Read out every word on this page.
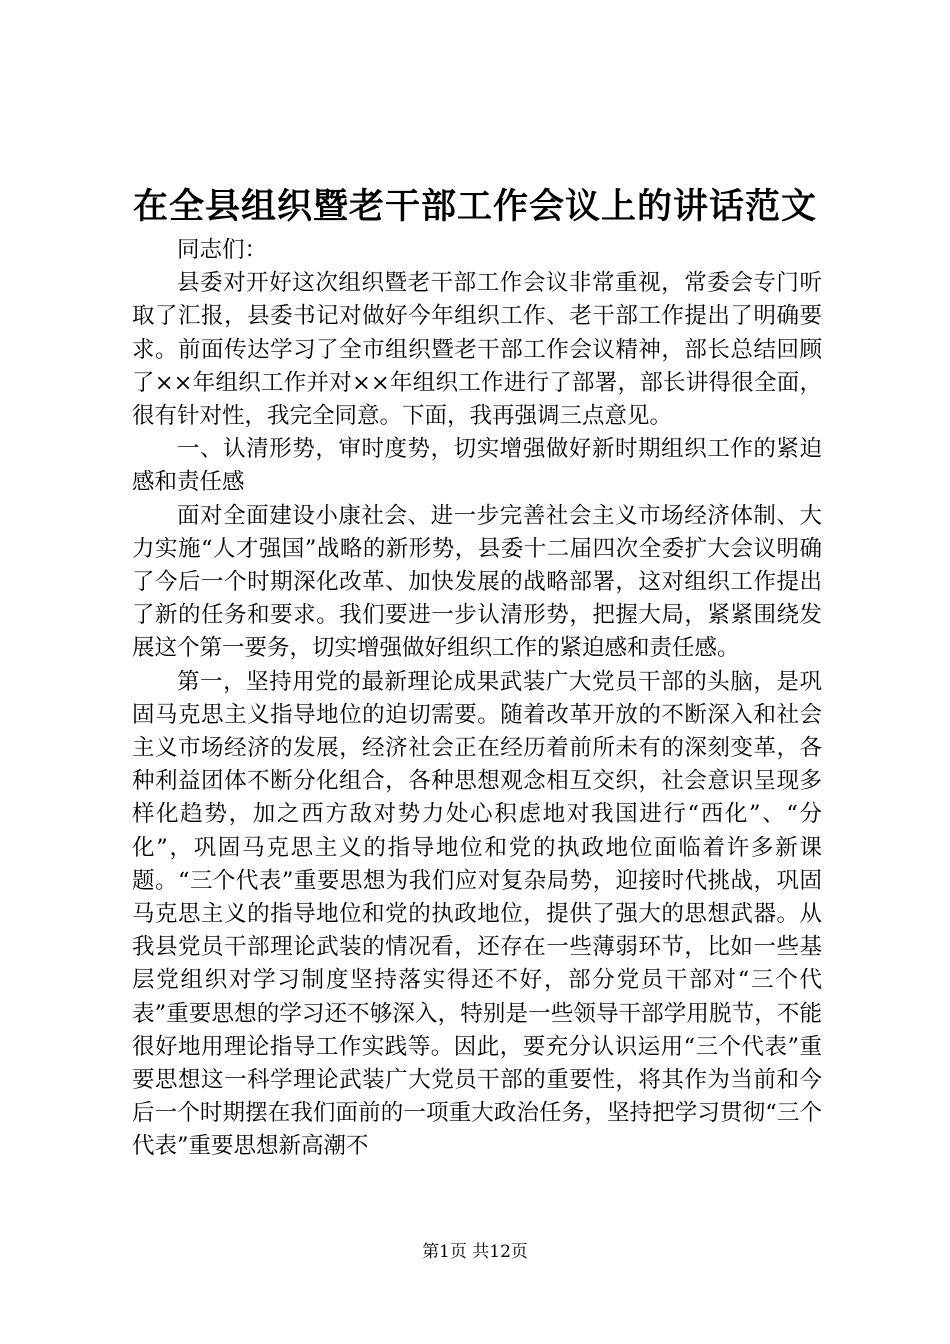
在全县组织暨老干部工作会议上的讲话范文

同志们：

县委对开好这次组织暨老干部工作会议非常重视，常委会专门听取了汇报，县委书记对做好今年组织工作、老干部工作提出了明确要求。前面传达学习了全市组织暨老干部工作会议精神，部长总结回顾了××年组织工作并对××年组织工作进行了部署，部长讲得很全面，很有针对性，我完全同意。下面，我再强调三点意见。

一、认清形势，审时度势，切实增强做好新时期组织工作的紧迫感和责任感

面对全面建设小康社会、进一步完善社会主义市场经济体制、大力实施“人才强国”战略的新形势，县委十二届四次全委扩大会议明确了今后一个时期深化改革、加快发展的战略部署，这对组织工作提出了新的任务和要求。我们要进一步认清形势，把握大局，紧紧围绕发展这个第一要务，切实增强做好组织工作的紧迫感和责任感。

第一，坚持用党的最新理论成果武装广大党员干部的头脑，是巩固马克思主义指导地位的迫切需要。随着改革开放的不断深入和社会主义市场经济的发展，经济社会正在经历着前所未有的深刻变革，各种利益团体不断分化组合，各种思想观念相互交织，社会意识呈现多样化趋势，加之西方敌对势力处心积虑地对我国进行“西化”、“分化”，巩固马克思主义的指导地位和党的执政地位面临着许多新课题。“三个代表”重要思想为我们应对复杂局势，迎接时代挑战，巩固马克思主义的指导地位和党的执政地位，提供了强大的思想武器。从我县党员干部理论武装的情况看，还存在一些薄弱环节，比如一些基层党组织对学习制度坚持落实得还不好，部分党员干部对“三个代表”重要思想的学习还不够深入，特别是一些领导干部学用脱节，不能很好地用理论指导工作实践等。因此，要充分认识运用“三个代表”重要思想这一科学理论武装广大党员干部的重要性，将其作为当前和今后一个时期摆在我们面前的一项重大政治任务，坚持把学习贯彻“三个代表”重要思想新高潮不

第1页 共12页
